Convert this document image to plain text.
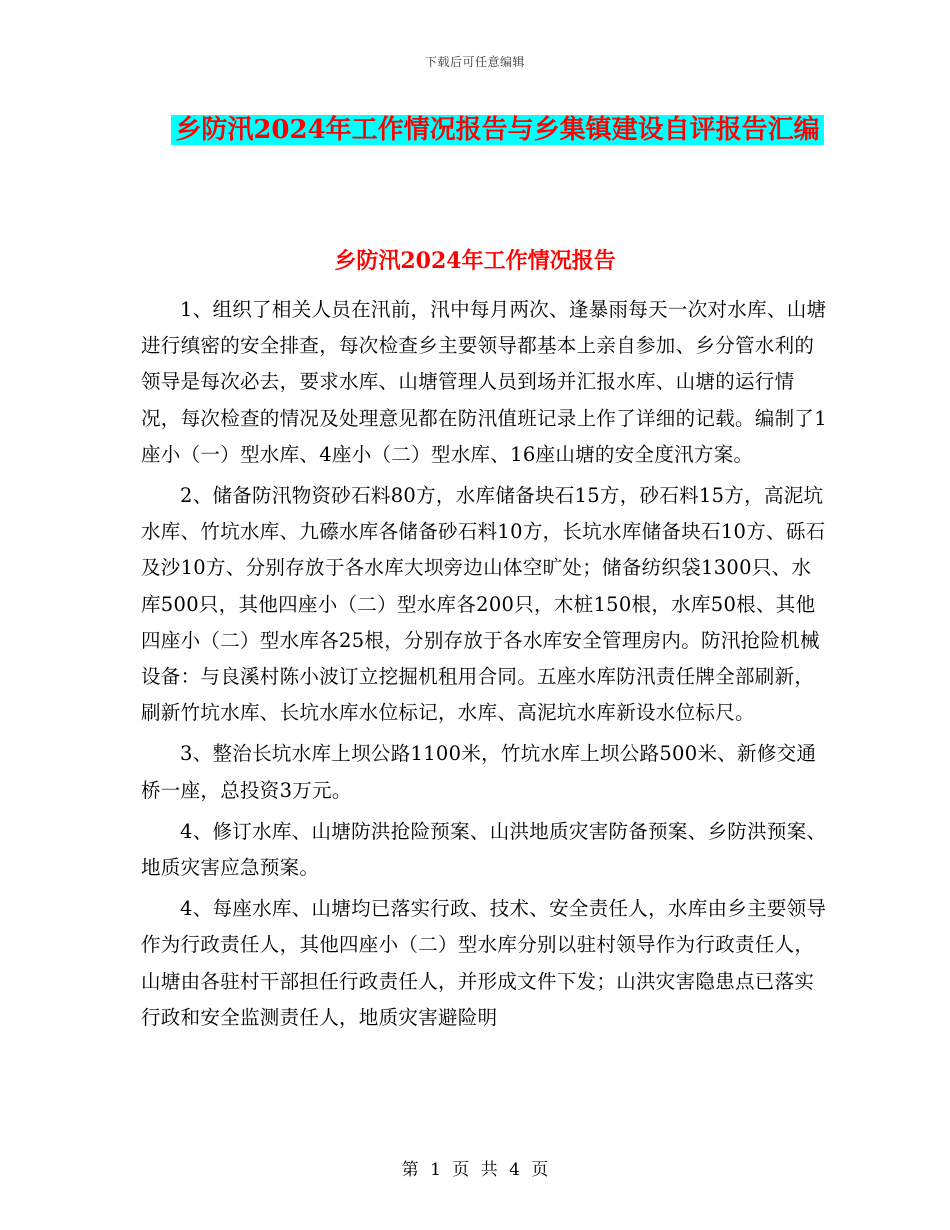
下载后可任意编辑
乡防汛2024年工作情况报告与乡集镇建设自评报告汇编
乡防汛2024年工作情况报告

1、组织了相关人员在汛前，汛中每月两次、逢暴雨每天一次对水库、山塘进行缜密的安全排查，每次检查乡主要领导都基本上亲自参加、乡分管水利的领导是每次必去，要求水库、山塘管理人员到场并汇报水库、山塘的运行情况，每次检查的情况及处理意见都在防汛值班记录上作了详细的记载。编制了1座小（一）型水库、4座小（二）型水库、16座山塘的安全度汛方案。

2、储备防汛物资砂石料80方，水库储备块石15方，砂石料15方，高泥坑水库、竹坑水库、九礤水库各储备砂石料10方，长坑水库储备块石10方、砾石及沙10方、分别存放于各水库大坝旁边山体空旷处；储备纺织袋1300只、水库500只，其他四座小（二）型水库各200只，木桩150根，水库50根、其他四座小（二）型水库各25根，分别存放于各水库安全管理房内。防汛抢险机械设备：与良溪村陈小波订立挖掘机租用合同。五座水库防汛责任牌全部刷新，刷新竹坑水库、长坑水库水位标记，水库、高泥坑水库新设水位标尺。

3、整治长坑水库上坝公路1100米，竹坑水库上坝公路500米、新修交通桥一座，总投资3万元。

4、修订水库、山塘防洪抢险预案、山洪地质灾害防备预案、乡防洪预案、地质灾害应急预案。

4、每座水库、山塘均已落实行政、技术、安全责任人，水库由乡主要领导作为行政责任人，其他四座小（二）型水库分别以驻村领导作为行政责任人，山塘由各驻村干部担任行政责任人，并形成文件下发；山洪灾害隐患点已落实行政和安全监测责任人，地质灾害避险明

第 1 页 共 4 页
